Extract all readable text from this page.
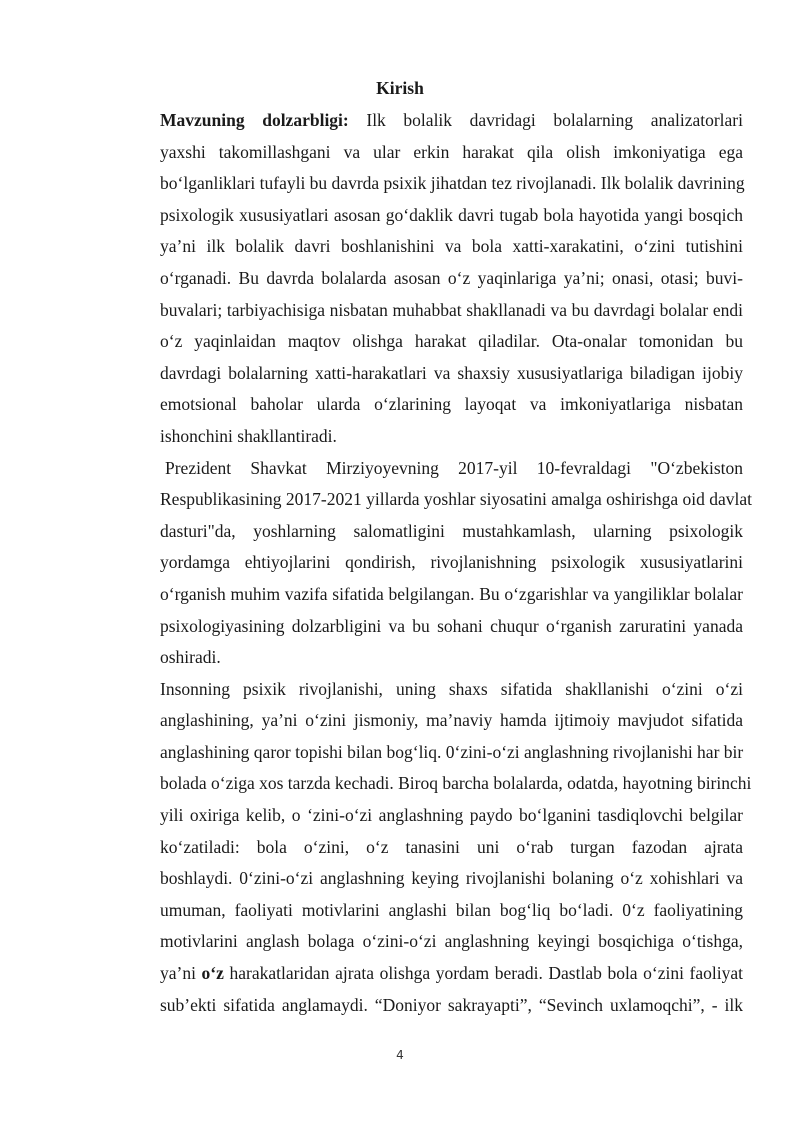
Kirish
Mavzuning dolzarbligi: Ilk bolalik davridagi bolalarning analizatorlari
yaxshi takomillashgani va ular erkin harakat qila olish imkoniyatiga ega
bo‘lganliklari tufayli bu davrda psixik jihatdan tez rivojlanadi. Ilk bolalik davrining
psixologik xususiyatlari asosan go‘daklik davri tugab bola hayotida yangi bosqich
ya’ni ilk bolalik davri boshlanishini va bola xatti-xarakatini, o‘zini tutishini
o‘rganadi. Bu davrda bolalarda asosan o‘z yaqinlariga ya’ni; onasi, otasi; buvi-
buvalari; tarbiyachisiga nisbatan muhabbat shakllanadi va bu davrdagi bolalar endi
o‘z yaqinlaidan maqtov olishga harakat qiladilar. Ota-onalar tomonidan bu
davrdagi bolalarning xatti-harakatlari va shaxsiy xusus​iyatlariga biladigan ijobiy
emotsional baholar ularda o‘zlarining layoqat va imkoniyatlariga nisbatan
ishonchini shakllantiradi.
Prezident Shavkat Mirziyoyevning 2017-yil 10-fevraldagi "O‘zbekiston
Respublikasining 2017-2021 yillarda yoshlar siyosatini amalga oshirishga oid davlat
dasturi"da, yoshlarning salomatligini mustahkamlash, ularning psixologik
yordamga ehtiyojlarini qondirish, rivojlanishning psixologik xususiyatlarini
o‘rganish muhim vazifa sifatida belgilangan. Bu o‘zgarishlar va yangiliklar bolalar
psixologiyasining dolzarbligini va bu sohani chuqur o‘rganish zaruratini yanada
oshiradi.
Insonning psixik rivojlanishi, uning shaxs sifatida shakllanishi o‘zini o‘zi
anglashining, ya’ni o‘zini jismoniy, ma’naviy hamda ijtimoiy mavjudot sifatida
anglashining qaror topishi bilan bog‘liq. 0‘zini-o‘zi anglashning rivojlanishi har bir
bolada o‘ziga xos tarzda kechadi. Biroq barcha bolalarda, odatda, hayotning birinchi
yili oxiriga kelib, o ‘zini-o‘zi anglashning paydo bo‘lganini tasdiqlovchi belgilar
ko‘zatiladi: bola o‘zini, o‘z tanasini uni o‘rab turgan fazodan ajrata
boshlaydi. 0‘zini-o‘zi anglashning keying rivojlanishi bolaning o‘z xohishlari va
umuman, faoliyati motivlarini anglashi bilan bog‘liq bo‘ladi. 0‘z faoliyatining
motivlarini anglash bolaga o‘zini-o‘zi anglashning keyingi bosqichiga o‘tishga,
ya’ni o‘z harakatlaridan ajrata olishga yordam beradi. Dastlab bola o‘zini faoliyat
sub’ekti sifatida anglamaydi. “Doniyor sakrayapti”, “Sevinch uxlamoqchi”, - ilk
4
